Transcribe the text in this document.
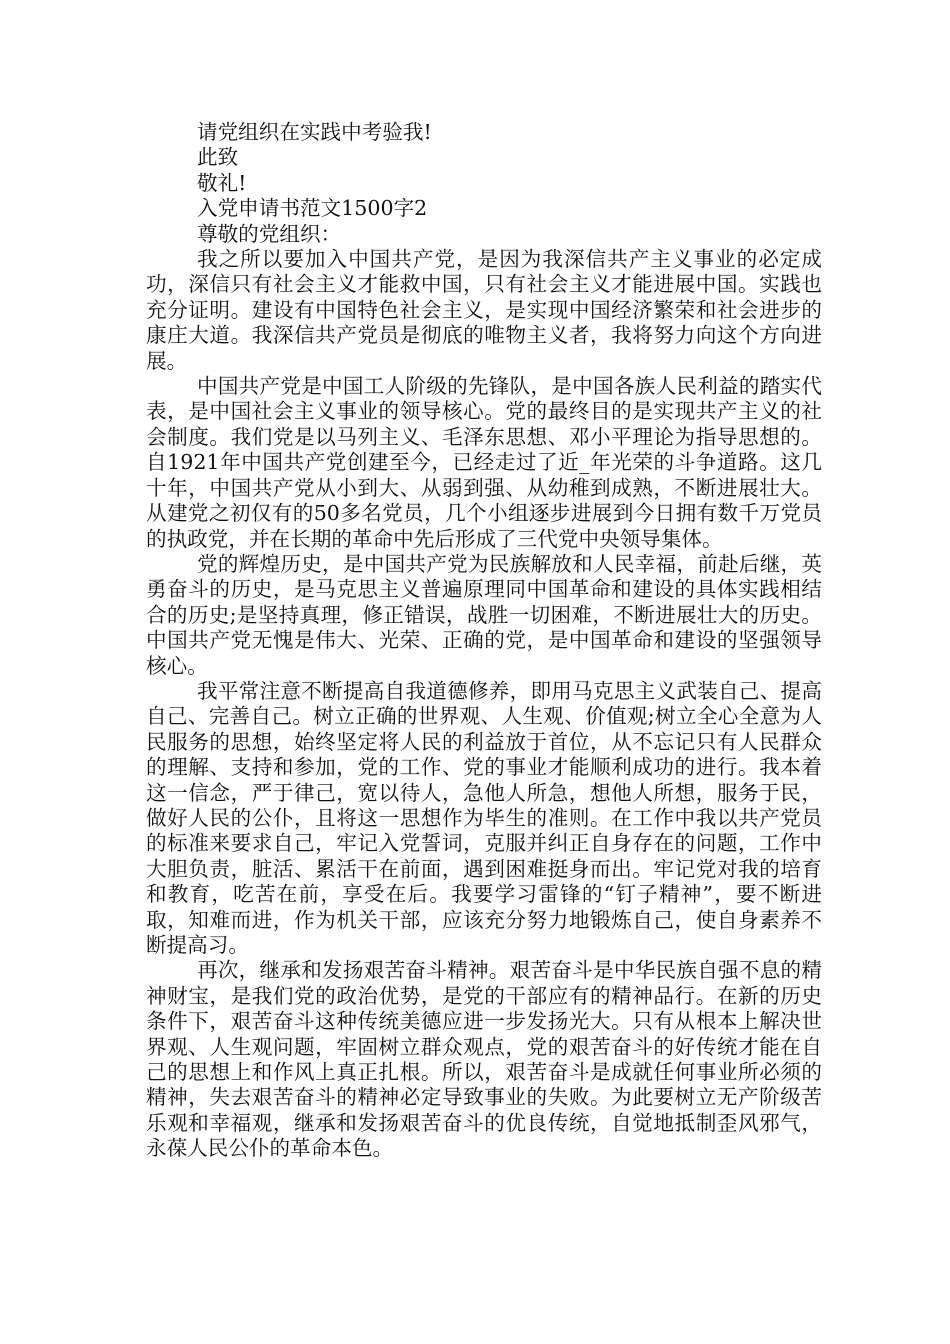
请党组织在实践中考验我!

此致

敬礼!

入党申请书范文1500字2

尊敬的党组织：

我之所以要加入中国共产党，是因为我深信共产主义事业的必定成功，深信只有社会主义才能救中国，只有社会主义才能进展中国。实践也充分证明。建设有中国特色社会主义，是实现中国经济繁荣和社会进步的康庄大道。我深信共产党员是彻底的唯物主义者，我将努力向这个方向进展。

中国共产党是中国工人阶级的先锋队，是中国各族人民利益的踏实代表，是中国社会主义事业的领导核心。党的最终目的是实现共产主义的社会制度。我们党是以马列主义、毛泽东思想、邓小平理论为指导思想的。自1921年中国共产党创建至今，已经走过了近_年光荣的斗争道路。这几十年，中国共产党从小到大、从弱到强、从幼稚到成熟，不断进展壮大。从建党之初仅有的50多名党员，几个小组逐步进展到今日拥有数千万党员的执政党，并在长期的革命中先后形成了三代党中央领导集体。

党的辉煌历史，是中国共产党为民族解放和人民幸福，前赴后继，英勇奋斗的历史，是马克思主义普遍原理同中国革命和建设的具体实践相结合的历史;是坚持真理，修正错误，战胜一切困难，不断进展壮大的历史。中国共产党无愧是伟大、光荣、正确的党，是中国革命和建设的坚强领导核心。

我平常注意不断提高自我道德修养，即用马克思主义武装自己、提高自己、完善自己。树立正确的世界观、人生观、价值观;树立全心全意为人民服务的思想，始终坚定将人民的利益放于首位，从不忘记只有人民群众的理解、支持和参加，党的工作、党的事业才能顺利成功的进行。我本着这一信念，严于律己，宽以待人，急他人所急，想他人所想，服务于民，做好人民的公仆，且将这一思想作为毕生的准则。在工作中我以共产党员的标准来要求自己，牢记入党誓词，克服并纠正自身存在的问题，工作中大胆负责，脏活、累活干在前面，遇到困难挺身而出。牢记党对我的培育和教育，吃苦在前，享受在后。我要学习雷锋的“钉子精神”，要不断进取，知难而进，作为机关干部，应该充分努力地锻炼自己，使自身素养不断提高习。

再次，继承和发扬艰苦奋斗精神。艰苦奋斗是中华民族自强不息的精神财宝，是我们党的政治优势，是党的干部应有的精神品行。在新的历史条件下，艰苦奋斗这种传统美德应进一步发扬光大。只有从根本上解决世界观、人生观问题，牢固树立群众观点，党的艰苦奋斗的好传统才能在自己的思想上和作风上真正扎根。所以，艰苦奋斗是成就任何事业所必须的精神，失去艰苦奋斗的精神必定导致事业的失败。为此要树立无产阶级苦乐观和幸福观，继承和发扬艰苦奋斗的优良传统，自觉地抵制歪风邪气，永葆人民公仆的革命本色。
